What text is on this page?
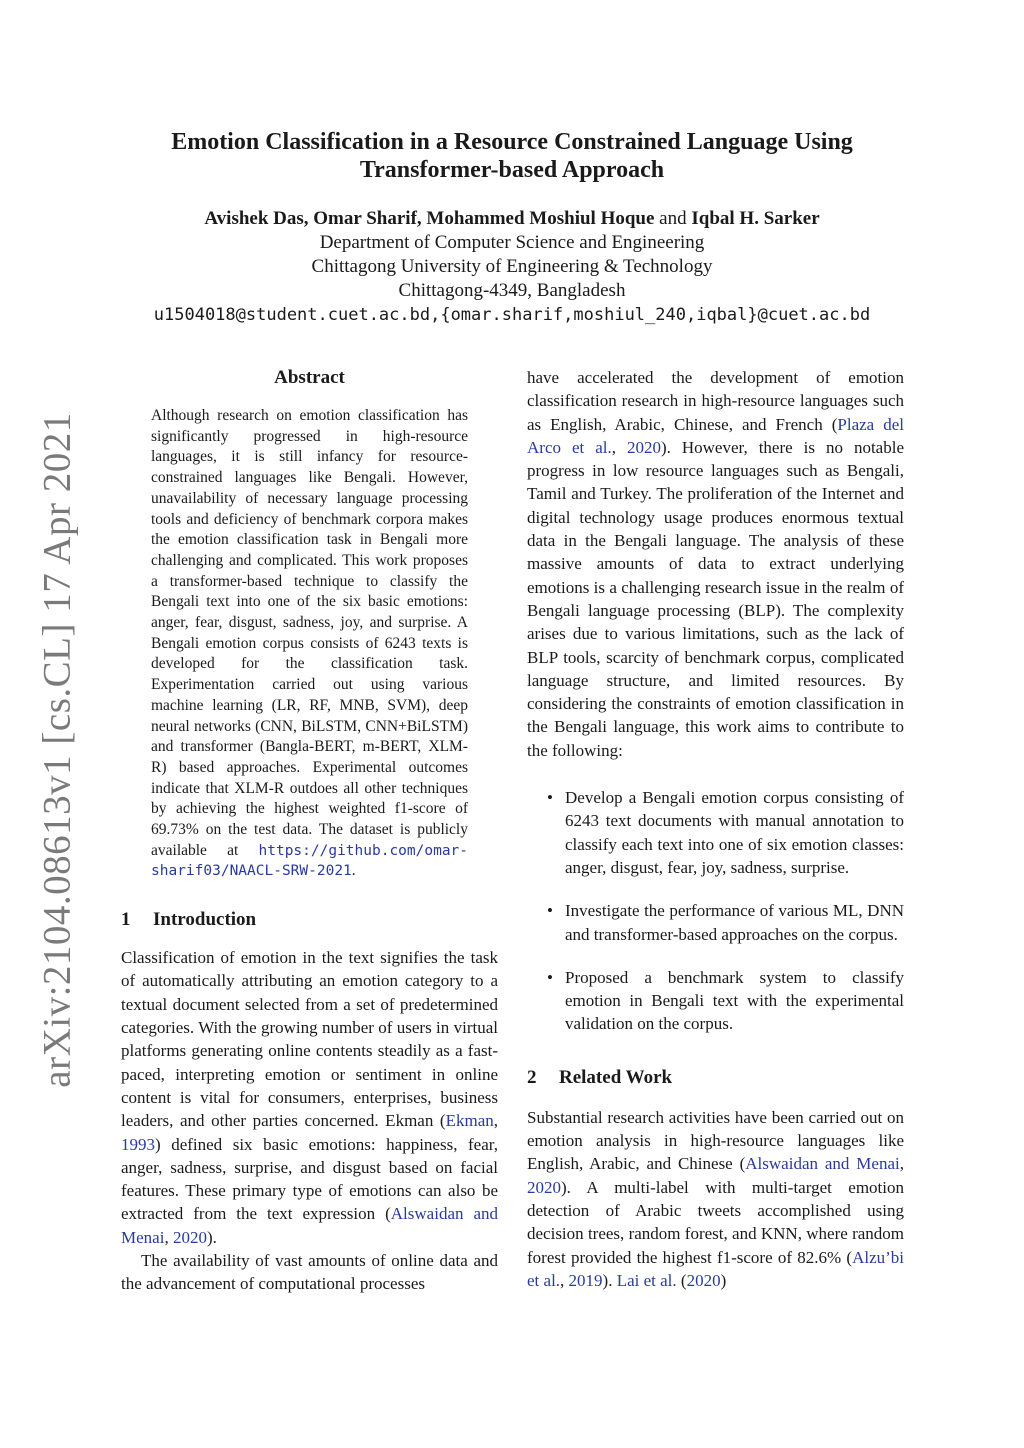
arXiv:2104.08613v1 [cs.CL] 17 Apr 2021
Emotion Classification in a Resource Constrained Language Using Transformer-based Approach
Avishek Das, Omar Sharif, Mohammed Moshiul Hoque and Iqbal H. Sarker
Department of Computer Science and Engineering
Chittagong University of Engineering & Technology
Chittagong-4349, Bangladesh
u1504018@student.cuet.ac.bd,{omar.sharif,moshiul_240,iqbal}@cuet.ac.bd
Abstract
Although research on emotion classification has significantly progressed in high-resource languages, it is still infancy for resource-constrained languages like Bengali. However, unavailability of necessary language processing tools and deficiency of benchmark corpora makes the emotion classification task in Bengali more challenging and complicated. This work proposes a transformer-based technique to classify the Bengali text into one of the six basic emotions: anger, fear, disgust, sadness, joy, and surprise. A Bengali emotion corpus consists of 6243 texts is developed for the classification task. Experimentation carried out using various machine learning (LR, RF, MNB, SVM), deep neural networks (CNN, BiLSTM, CNN+BiLSTM) and transformer (Bangla-BERT, m-BERT, XLM-R) based approaches. Experimental outcomes indicate that XLM-R outdoes all other techniques by achieving the highest weighted f1-score of 69.73% on the test data. The dataset is publicly available at https://github.com/omar-sharif03/NAACL-SRW-2021.
1 Introduction

Classification of emotion in the text signifies the task of automatically attributing an emotion category to a textual document selected from a set of predetermined categories. With the growing number of users in virtual platforms generating online contents steadily as a fast-paced, interpreting emotion or sentiment in online content is vital for consumers, enterprises, business leaders, and other parties concerned. Ekman (Ekman, 1993) defined six basic emotions: happiness, fear, anger, sadness, surprise, and disgust based on facial features. These primary type of emotions can also be extracted from the text expression (Alswaidan and Menai, 2020).

The availability of vast amounts of online data and the advancement of computational processes

have accelerated the development of emotion classification research in high-resource languages such as English, Arabic, Chinese, and French (Plaza del Arco et al., 2020). However, there is no notable progress in low resource languages such as Bengali, Tamil and Turkey. The proliferation of the Internet and digital technology usage produces enormous textual data in the Bengali language. The analysis of these massive amounts of data to extract underlying emotions is a challenging research issue in the realm of Bengali language processing (BLP). The complexity arises due to various limitations, such as the lack of BLP tools, scarcity of benchmark corpus, complicated language structure, and limited resources. By considering the constraints of emotion classification in the Bengali language, this work aims to contribute to the following:

• Develop a Bengali emotion corpus consisting of 6243 text documents with manual annotation to classify each text into one of six emotion classes: anger, disgust, fear, joy, sadness, surprise.
• Investigate the performance of various ML, DNN and transformer-based approaches on the corpus.
• Proposed a benchmark system to classify emotion in Bengali text with the experimental validation on the corpus.
2 Related Work

Substantial research activities have been carried out on emotion analysis in high-resource languages like English, Arabic, and Chinese (Alswaidan and Menai, 2020). A multi-label with multi-target emotion detection of Arabic tweets accomplished using decision trees, random forest, and KNN, where random forest provided the highest f1-score of 82.6% (Alzu’bi et al., 2019). Lai et al. (2020)
